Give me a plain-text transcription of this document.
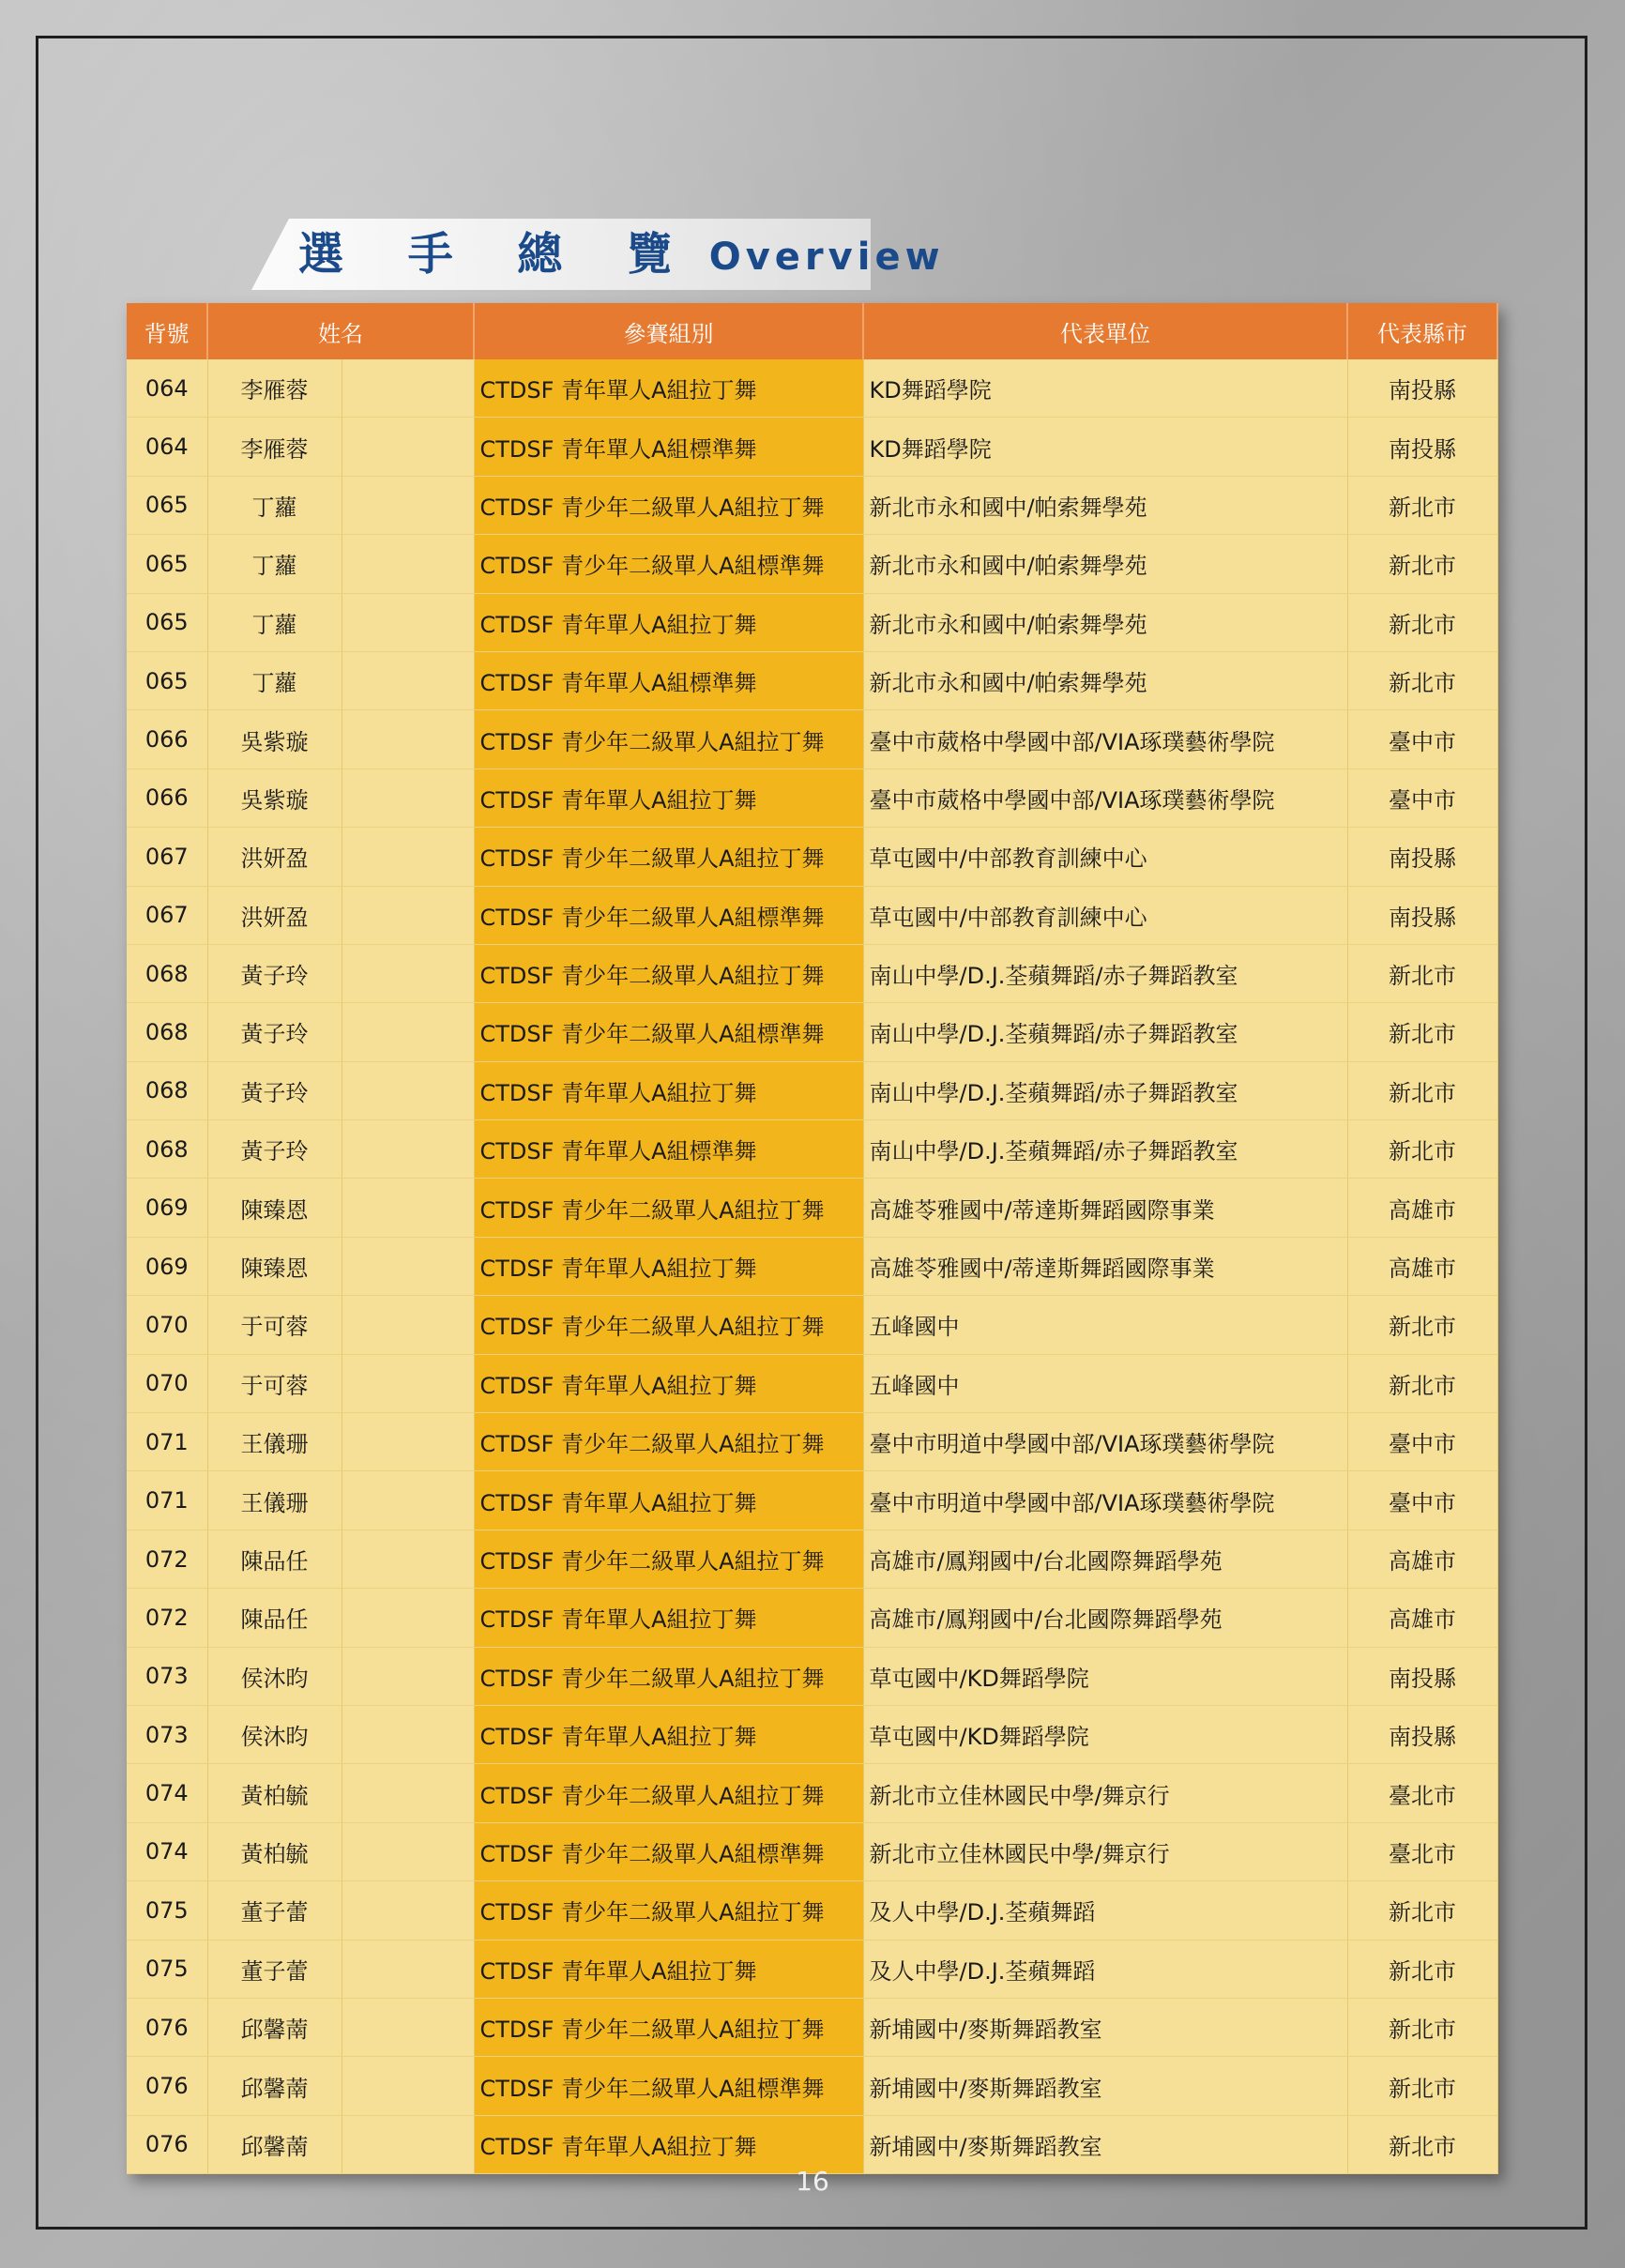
選 手 總 覽 Overview
背號	姓名		參賽組別	代表單位	代表縣市
064	李雁蓉		CTDSF 青年單人A組拉丁舞	KD舞蹈學院	南投縣
064	李雁蓉		CTDSF 青年單人A組標準舞	KD舞蹈學院	南投縣
065	丁蘿		CTDSF 青少年二級單人A組拉丁舞	新北市永和國中/帕索舞學苑	新北市
065	丁蘿		CTDSF 青少年二級單人A組標準舞	新北市永和國中/帕索舞學苑	新北市
065	丁蘿		CTDSF 青年單人A組拉丁舞	新北市永和國中/帕索舞學苑	新北市
065	丁蘿		CTDSF 青年單人A組標準舞	新北市永和國中/帕索舞學苑	新北市
066	吳紫璇		CTDSF 青少年二級單人A組拉丁舞	臺中市葳格中學國中部/VIA琢璞藝術學院	臺中市
066	吳紫璇		CTDSF 青年單人A組拉丁舞	臺中市葳格中學國中部/VIA琢璞藝術學院	臺中市
067	洪妍盈		CTDSF 青少年二級單人A組拉丁舞	草屯國中/中部教育訓練中心	南投縣
067	洪妍盈		CTDSF 青少年二級單人A組標準舞	草屯國中/中部教育訓練中心	南投縣
068	黃子玲		CTDSF 青少年二級單人A組拉丁舞	南山中學/D.J.荃蘋舞蹈/赤子舞蹈教室	新北市
068	黃子玲		CTDSF 青少年二級單人A組標準舞	南山中學/D.J.荃蘋舞蹈/赤子舞蹈教室	新北市
068	黃子玲		CTDSF 青年單人A組拉丁舞	南山中學/D.J.荃蘋舞蹈/赤子舞蹈教室	新北市
068	黃子玲		CTDSF 青年單人A組標準舞	南山中學/D.J.荃蘋舞蹈/赤子舞蹈教室	新北市
069	陳臻恩		CTDSF 青少年二級單人A組拉丁舞	高雄苓雅國中/蒂達斯舞蹈國際事業	高雄市
069	陳臻恩		CTDSF 青年單人A組拉丁舞	高雄苓雅國中/蒂達斯舞蹈國際事業	高雄市
070	于可蓉		CTDSF 青少年二級單人A組拉丁舞	五峰國中	新北市
070	于可蓉		CTDSF 青年單人A組拉丁舞	五峰國中	新北市
071	王儀珊		CTDSF 青少年二級單人A組拉丁舞	臺中市明道中學國中部/VIA琢璞藝術學院	臺中市
071	王儀珊		CTDSF 青年單人A組拉丁舞	臺中市明道中學國中部/VIA琢璞藝術學院	臺中市
072	陳品任		CTDSF 青少年二級單人A組拉丁舞	高雄市/鳳翔國中/台北國際舞蹈學苑	高雄市
072	陳品任		CTDSF 青年單人A組拉丁舞	高雄市/鳳翔國中/台北國際舞蹈學苑	高雄市
073	侯沐昀		CTDSF 青少年二級單人A組拉丁舞	草屯國中/KD舞蹈學院	南投縣
073	侯沐昀		CTDSF 青年單人A組拉丁舞	草屯國中/KD舞蹈學院	南投縣
074	黃柏毓		CTDSF 青少年二級單人A組拉丁舞	新北市立佳林國民中學/舞京行	臺北市
074	黃柏毓		CTDSF 青少年二級單人A組標準舞	新北市立佳林國民中學/舞京行	臺北市
075	董子蕾		CTDSF 青少年二級單人A組拉丁舞	及人中學/D.J.荃蘋舞蹈	新北市
075	董子蕾		CTDSF 青年單人A組拉丁舞	及人中學/D.J.荃蘋舞蹈	新北市
076	邱馨萳		CTDSF 青少年二級單人A組拉丁舞	新埔國中/麥斯舞蹈教室	新北市
076	邱馨萳		CTDSF 青少年二級單人A組標準舞	新埔國中/麥斯舞蹈教室	新北市
076	邱馨萳		CTDSF 青年單人A組拉丁舞	新埔國中/麥斯舞蹈教室	新北市
16
